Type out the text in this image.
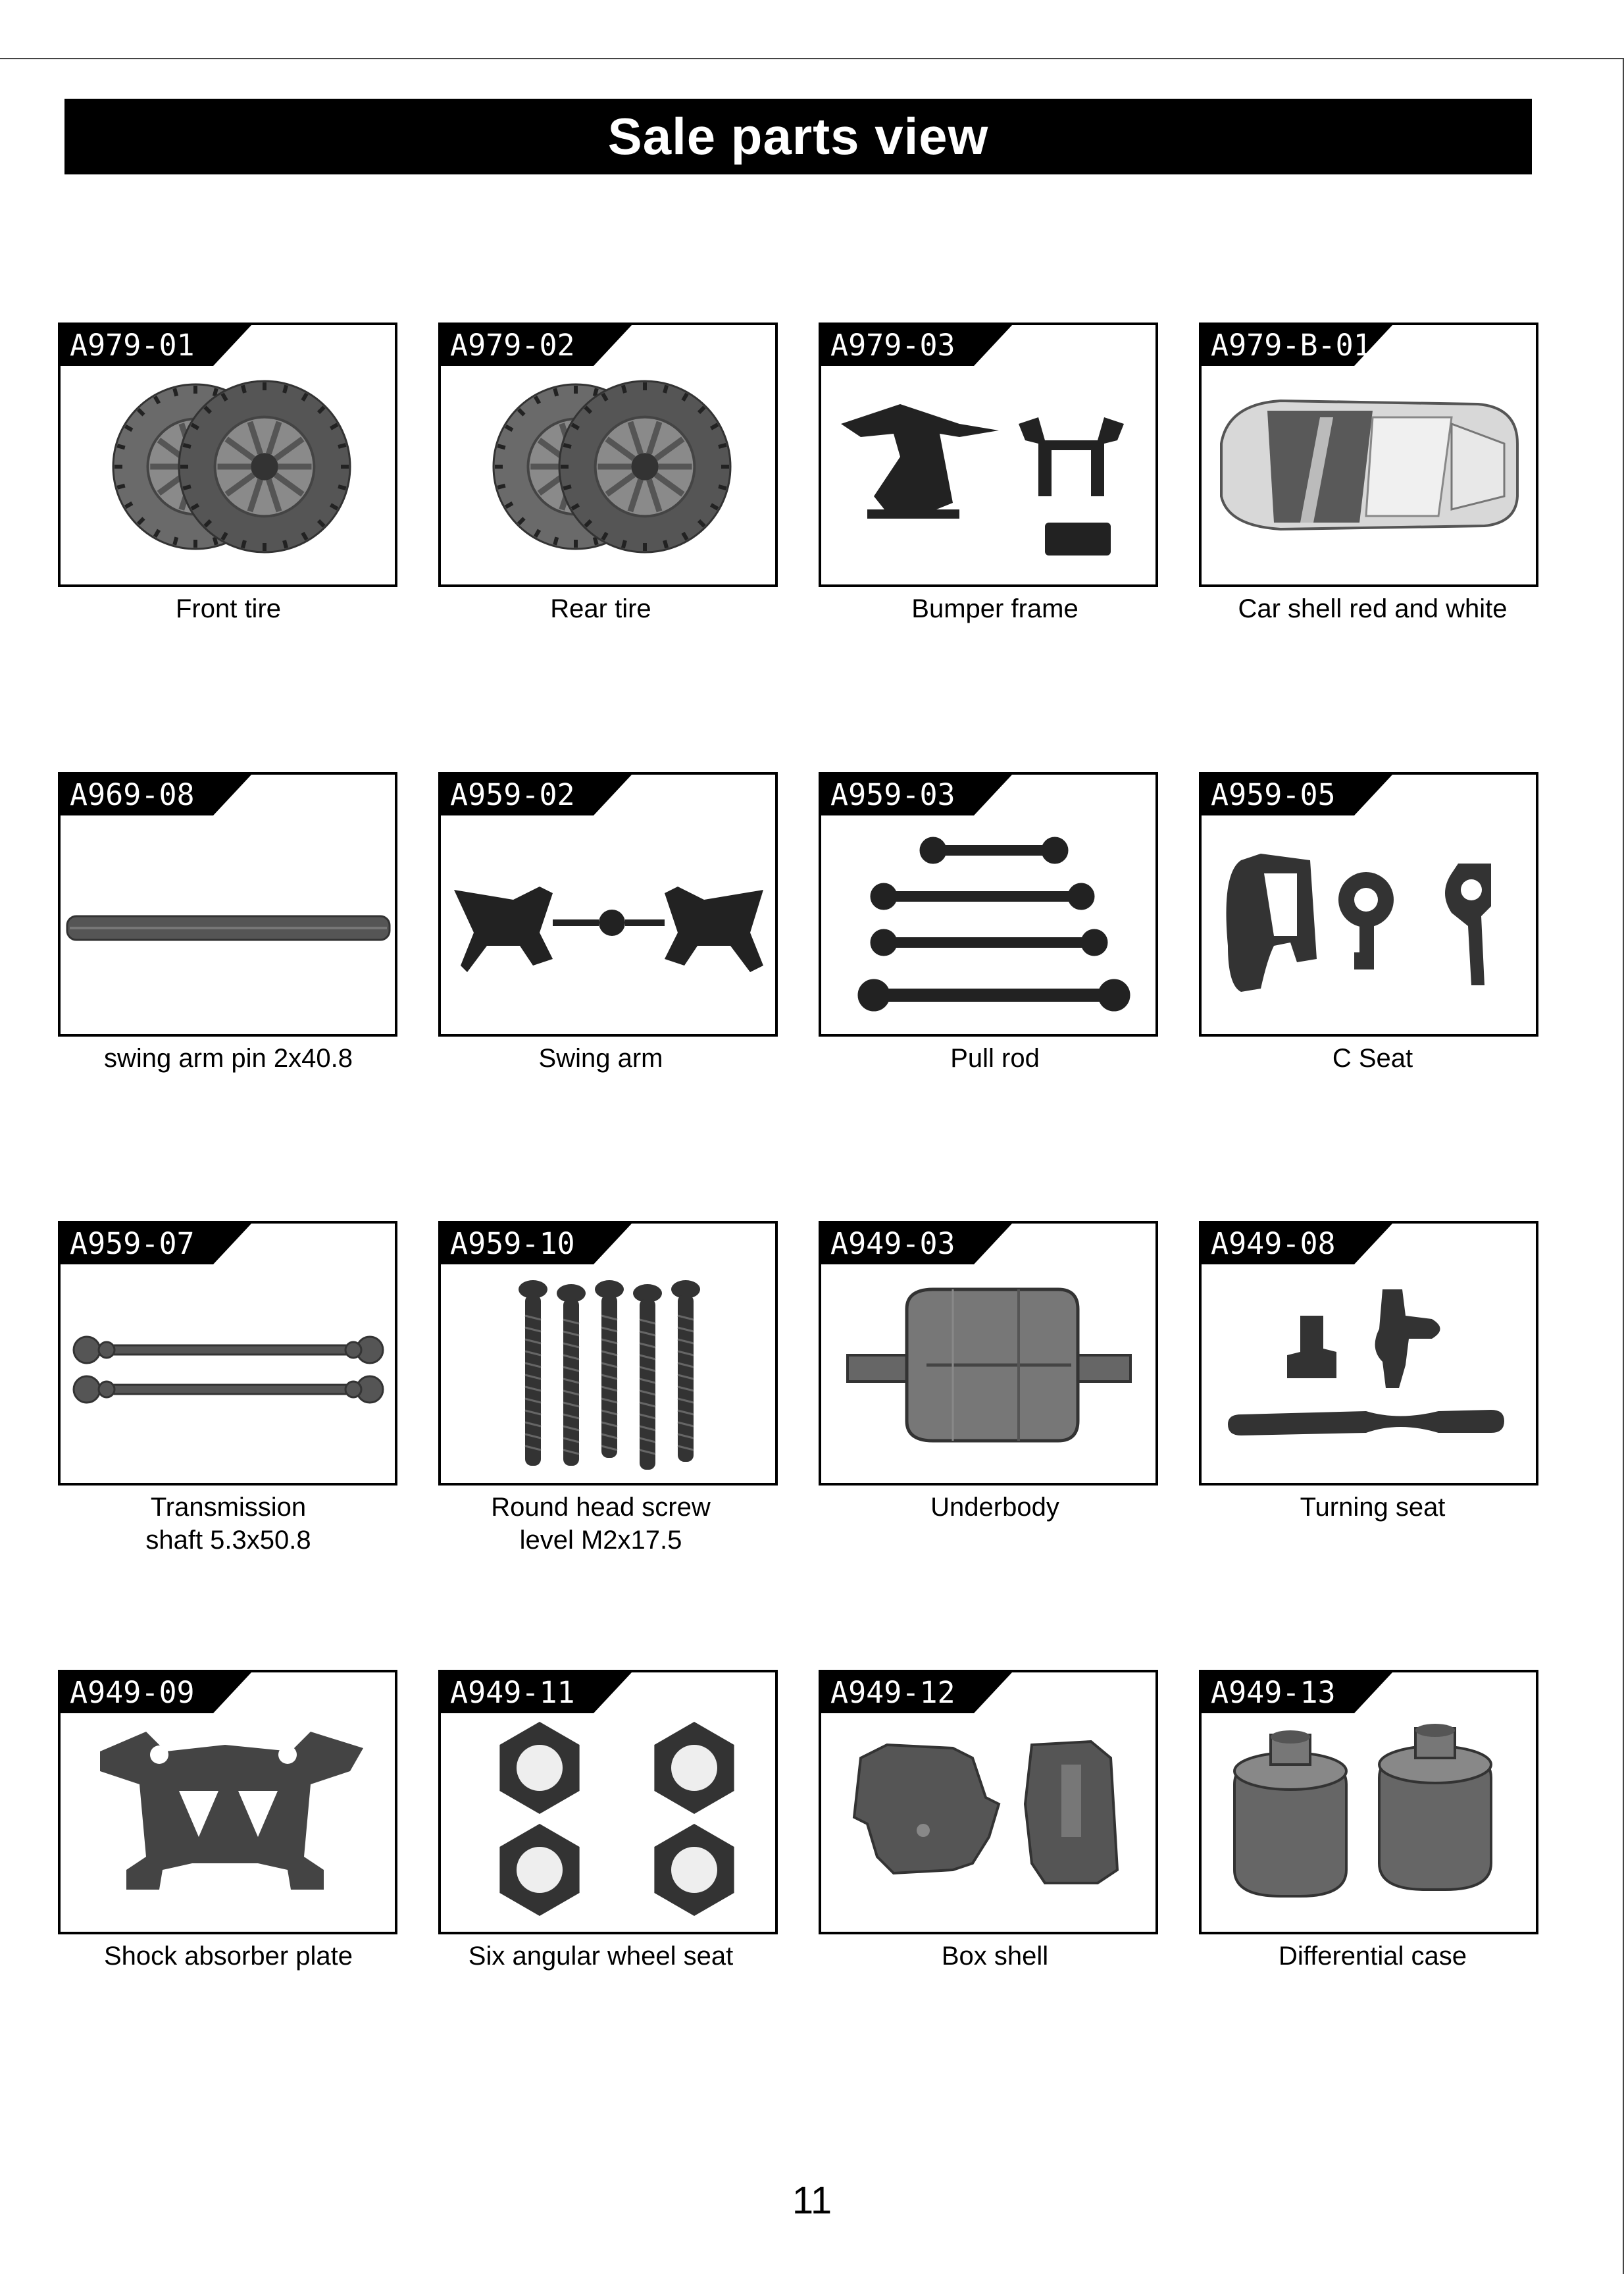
Sale parts view
A979-01
Front tire
A979-02
Rear tire
A979-03
Bumper frame
A979-B-01
Car shell red and white
A969-08
swing arm pin 2x40.8
A959-02
Swing arm
A959-03
Pull rod
A959-05
C Seat
A959-07
Transmission
shaft 5.3x50.8
A959-10
Round head screw
level M2x17.5
A949-03
Underbody
A949-08
Turning seat
A949-09
Shock absorber plate
A949-11
Six angular wheel seat
A949-12
Box shell
A949-13
Differential case
11
